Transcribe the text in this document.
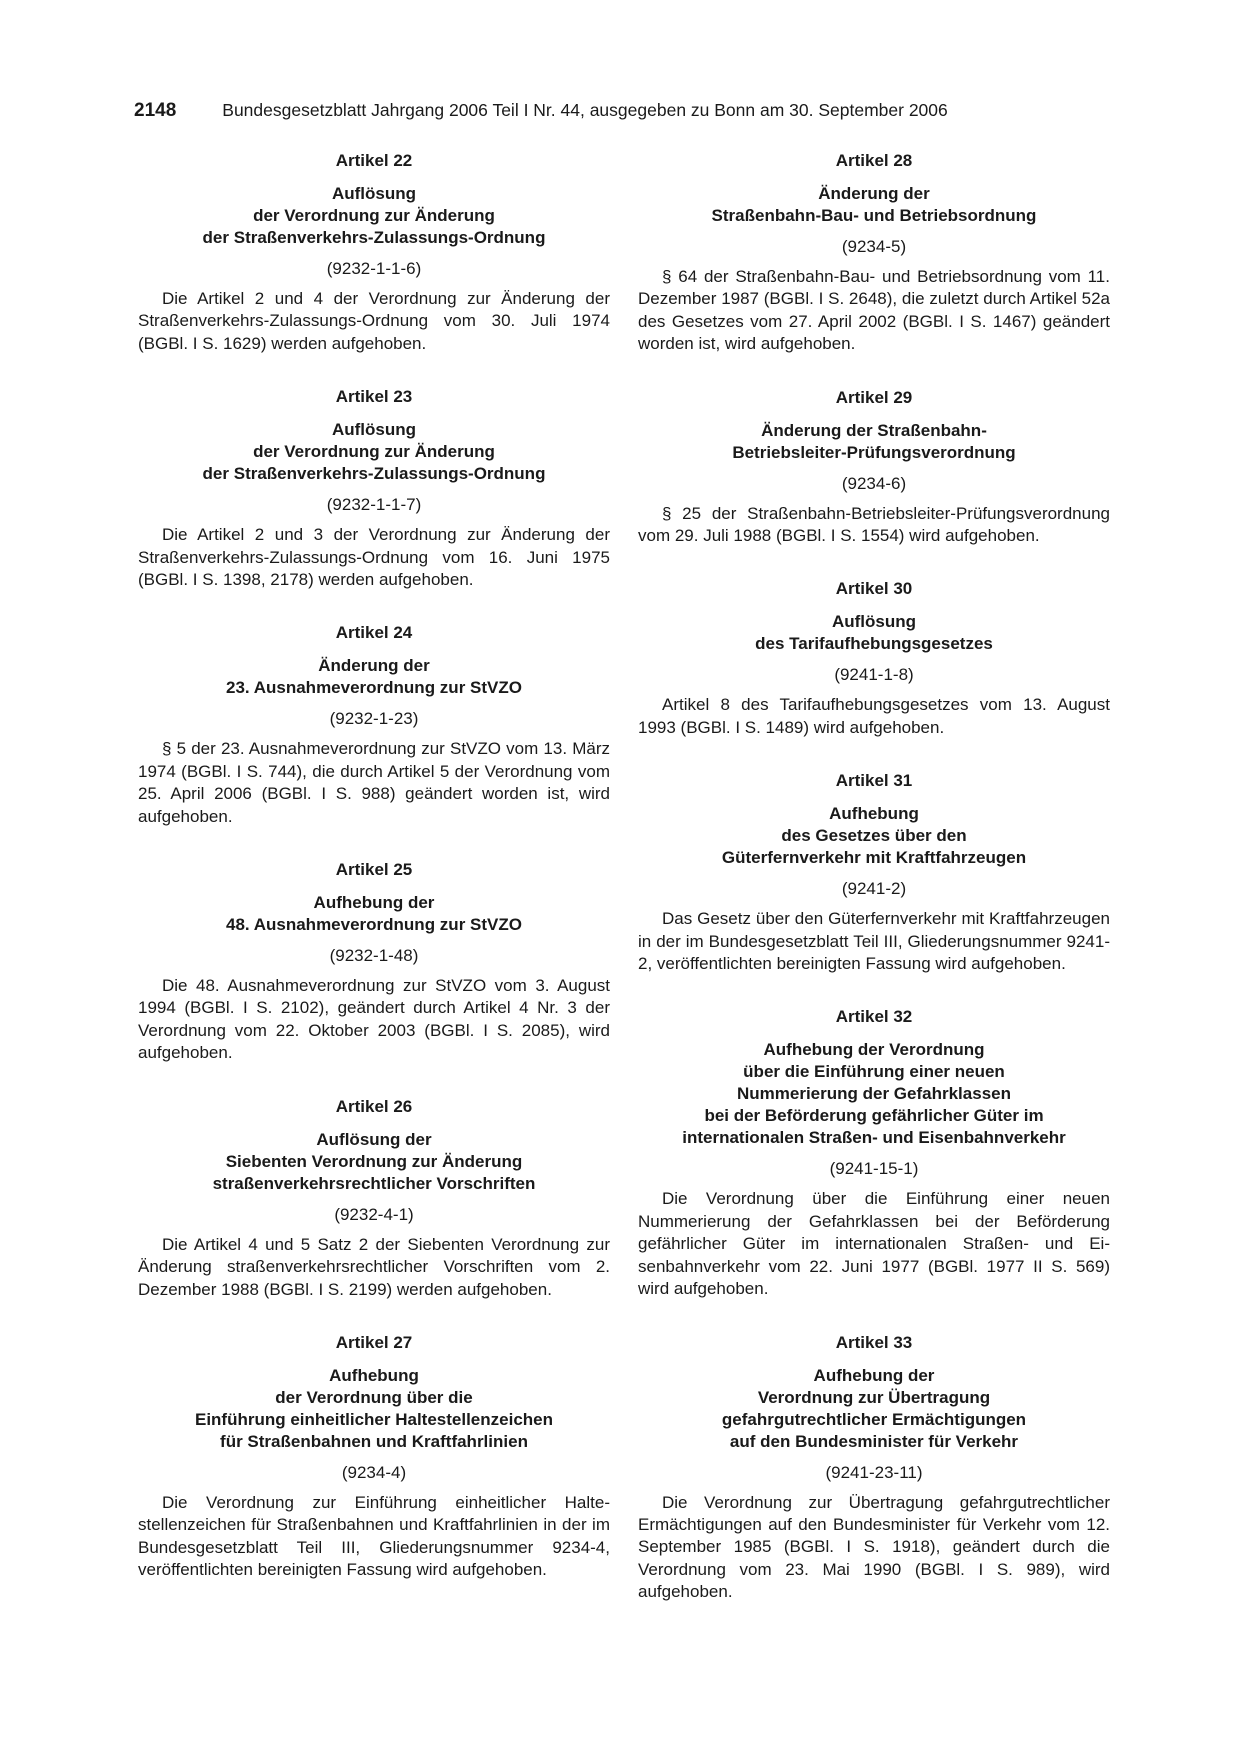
2148	Bundesgesetzblatt Jahrgang 2006 Teil I Nr. 44, ausgegeben zu Bonn am 30. September 2006
Artikel 22
Auflösung
der Verordnung zur Änderung
der Straßenverkehrs-Zulassungs-Ordnung
(9232-1-1-6)

Die Artikel 2 und 4 der Verordnung zur Änderung der Straßenverkehrs-Zulassungs-Ordnung vom 30. Juli 1974 (BGBl. I S. 1629) werden aufgehoben.

Artikel 23
Auflösung
der Verordnung zur Änderung
der Straßenverkehrs-Zulassungs-Ordnung
(9232-1-1-7)

Die Artikel 2 und 3 der Verordnung zur Änderung der Straßenverkehrs-Zulassungs-Ordnung vom 16. Juni 1975 (BGBl. I S. 1398, 2178) werden aufgehoben.

Artikel 24
Änderung der
23. Ausnahmeverordnung zur StVZO
(9232-1-23)

§ 5 der 23. Ausnahmeverordnung zur StVZO vom 13. März 1974 (BGBl. I S. 744), die durch Artikel 5 der Verordnung vom 25. April 2006 (BGBl. I S. 988) geändert worden ist, wird aufgehoben.

Artikel 25
Aufhebung der
48. Ausnahmeverordnung zur StVZO
(9232-1-48)

Die 48. Ausnahmeverordnung zur StVZO vom 3. August 1994 (BGBl. I S. 2102), geändert durch Artikel 4 Nr. 3 der Verordnung vom 22. Oktober 2003 (BGBl. I S. 2085), wird aufgehoben.

Artikel 26
Auflösung der
Siebenten Verordnung zur Änderung
straßenverkehrsrechtlicher Vorschriften
(9232-4-1)

Die Artikel 4 und 5 Satz 2 der Siebenten Verordnung zur Änderung straßenverkehrsrechtlicher Vorschriften vom 2. Dezember 1988 (BGBl. I S. 2199) werden aufgehoben.

Artikel 27
Aufhebung
der Verordnung über die
Einführung einheitlicher Haltestellenzeichen
für Straßenbahnen und Kraftfahrlinien
(9234-4)

Die Verordnung zur Einführung einheitlicher Haltestellenzeichen für Straßenbahnen und Kraftfahrlinien in der im Bundesgesetzblatt Teil III, Gliederungsnummer 9234-4, veröffentlichten bereinigten Fassung wird aufgehoben.

Artikel 28
Änderung der
Straßenbahn-Bau- und Betriebsordnung
(9234-5)

§ 64 der Straßenbahn-Bau- und Betriebsordnung vom 11. Dezember 1987 (BGBl. I S. 2648), die zuletzt durch Artikel 52a des Gesetzes vom 27. April 2002 (BGBl. I S. 1467) geändert worden ist, wird aufgehoben.

Artikel 29
Änderung der Straßenbahn-
Betriebsleiter-Prüfungsverordnung
(9234-6)

§ 25 der Straßenbahn-Betriebsleiter-Prüfungsverordnung vom 29. Juli 1988 (BGBl. I S. 1554) wird aufgehoben.

Artikel 30
Auflösung
des Tarifaufhebungsgesetzes
(9241-1-8)

Artikel 8 des Tarifaufhebungsgesetzes vom 13. August 1993 (BGBl. I S. 1489) wird aufgehoben.

Artikel 31
Aufhebung
des Gesetzes über den
Güterfernverkehr mit Kraftfahrzeugen
(9241-2)

Das Gesetz über den Güterfernverkehr mit Kraftfahrzeugen in der im Bundesgesetzblatt Teil III, Gliederungsnummer 9241-2, veröffentlichten bereinigten Fassung wird aufgehoben.

Artikel 32
Aufhebung der Verordnung
über die Einführung einer neuen
Nummerierung der Gefahrklassen
bei der Beförderung gefährlicher Güter im
internationalen Straßen- und Eisenbahnverkehr
(9241-15-1)

Die Verordnung über die Einführung einer neuen Nummerierung der Gefahrklassen bei der Beförderung gefährlicher Güter im internationalen Straßen- und Eisenbahnverkehr vom 22. Juni 1977 (BGBl. 1977 II S. 569) wird aufgehoben.

Artikel 33
Aufhebung der
Verordnung zur Übertragung
gefahrgutrechtlicher Ermächtigungen
auf den Bundesminister für Verkehr
(9241-23-11)

Die Verordnung zur Übertragung gefahrgutrechtlicher Ermächtigungen auf den Bundesminister für Verkehr vom 12. September 1985 (BGBl. I S. 1918), geändert durch die Verordnung vom 23. Mai 1990 (BGBl. I S. 989), wird aufgehoben.
